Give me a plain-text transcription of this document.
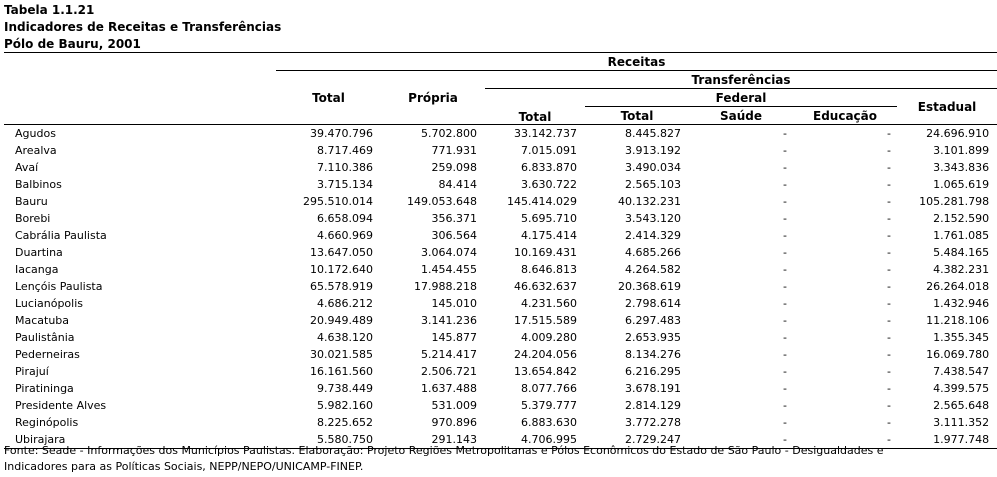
Tabela 1.1.21
Indicadores de Receitas e Transferências
Pólo de Bauru, 2001
	Receitas						
	Total	Própria	Transferências				
			Total	Federal			Estadual
				Total	Saúde	Educação	
Agudos	39.470.796	5.702.800	33.142.737	8.445.827	-	-	24.696.910
Arealva	8.717.469	771.931	7.015.091	3.913.192	-	-	3.101.899
Avaí	7.110.386	259.098	6.833.870	3.490.034	-	-	3.343.836
Balbinos	3.715.134	84.414	3.630.722	2.565.103	-	-	1.065.619
Bauru	295.510.014	149.053.648	145.414.029	40.132.231	-	-	105.281.798
Borebi	6.658.094	356.371	5.695.710	3.543.120	-	-	2.152.590
Cabrália Paulista	4.660.969	306.564	4.175.414	2.414.329	-	-	1.761.085
Duartina	13.647.050	3.064.074	10.169.431	4.685.266	-	-	5.484.165
Iacanga	10.172.640	1.454.455	8.646.813	4.264.582	-	-	4.382.231
Lençóis Paulista	65.578.919	17.988.218	46.632.637	20.368.619	-	-	26.264.018
Lucianópolis	4.686.212	145.010	4.231.560	2.798.614	-	-	1.432.946
Macatuba	20.949.489	3.141.236	17.515.589	6.297.483	-	-	11.218.106
Paulistânia	4.638.120	145.877	4.009.280	2.653.935	-	-	1.355.345
Pederneiras	30.021.585	5.214.417	24.204.056	8.134.276	-	-	16.069.780
Pirajuí	16.161.560	2.506.721	13.654.842	6.216.295	-	-	7.438.547
Piratininga	9.738.449	1.637.488	8.077.766	3.678.191	-	-	4.399.575
Presidente Alves	5.982.160	531.009	5.379.777	2.814.129	-	-	2.565.648
Reginópolis	8.225.652	970.896	6.883.630	3.772.278	-	-	3.111.352
Ubirajara	5.580.750	291.143	4.706.995	2.729.247	-	-	1.977.748
Fonte: Seade - Informações dos Municípios Paulistas. Elaboração: Projeto Regiões Metropolitanas e Pólos Econômicos do Estado de São Paulo - Desigualdades e
Indicadores para as Políticas Sociais, NEPP/NEPO/UNICAMP-FINEP.
